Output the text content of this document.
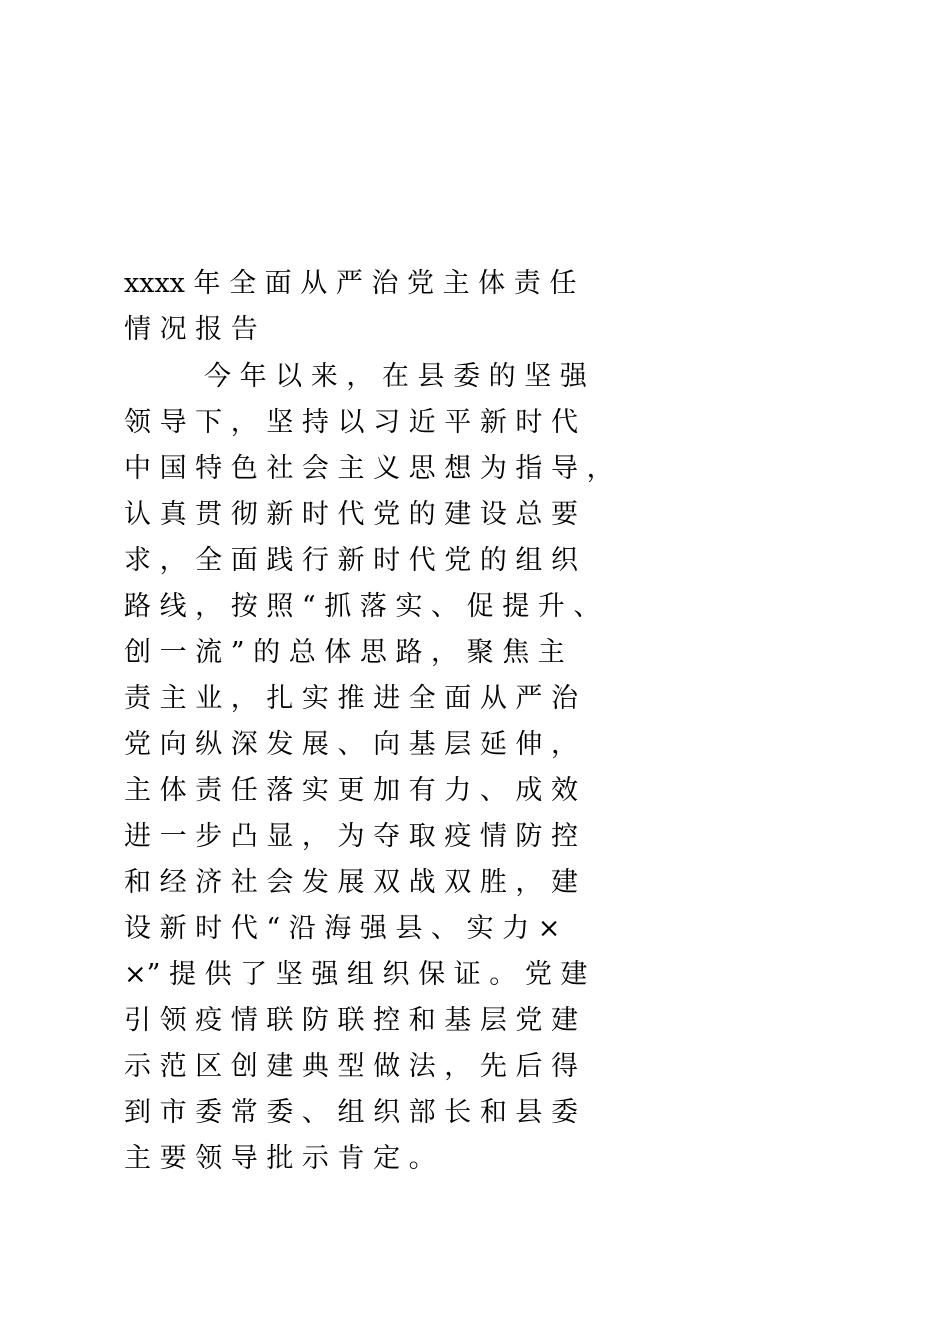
xxxx 年 全 面 从 严 治 党 主 体 责 任
情 况 报 告
今 年 以 来 ， 在 县 委 的 坚 强
领 导 下 ， 坚 持 以 习 近 平 新 时 代
中 国 特 色 社 会 主 义 思 想 为 指 导 ，
认 真 贯 彻 新 时 代 党 的 建 设 总 要
求 ， 全 面 践 行 新 时 代 党 的 组 织
路 线 ， 按 照 “ 抓 落 实 、 促 提 升 、
创 一 流 ” 的 总 体 思 路 ， 聚 焦 主
责 主 业 ， 扎 实 推 进 全 面 从 严 治
党 向 纵 深 发 展 、 向 基 层 延 伸 ，
主 体 责 任 落 实 更 加 有 力 、 成 效
进 一 步 凸 显 ， 为 夺 取 疫 情 防 控
和 经 济 社 会 发 展 双 战 双 胜 ， 建
设 新 时 代 “ 沿 海 强 县 、 实 力 ×
×” 提 供 了 坚 强 组 织 保 证 。 党 建
引 领 疫 情 联 防 联 控 和 基 层 党 建
示 范 区 创 建 典 型 做 法 ， 先 后 得
到 市 委 常 委 、 组 织 部 长 和 县 委
主 要 领 导 批 示 肯 定 。
